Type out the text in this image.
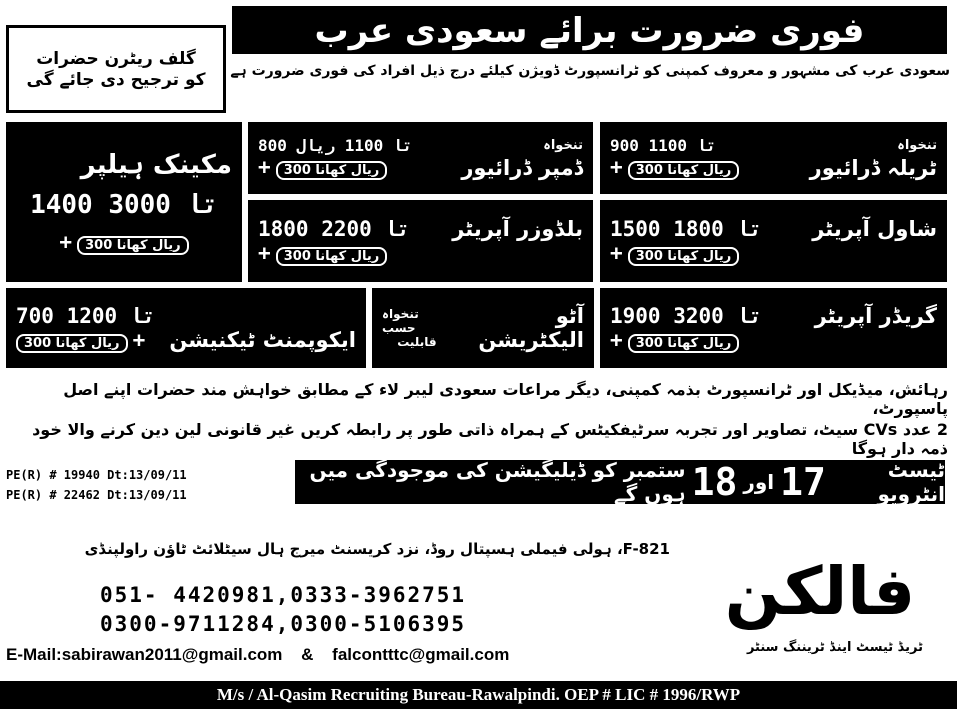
فوری ضرورت برائے سعودی عرب
گلف ریٹرن حضرات
کو ترجیح دی جائے گی سعودی عرب کی مشہور و معروف کمپنی کو ٹرانسپورٹ ڈویژن کیلئے درج ذیل افراد کی فوری ضرورت ہے
900 تا 1100	تنخواہ
+ 300 ریال کھانا	ٹریلہ ڈرائیور
800 تا 1100 ریال	تنخواہ
+ 300 ریال کھانا	ڈمپر ڈرائیور
مکینک ہیلپر
1400 تا 3000
+ 300 ریال کھانا
1500 تا 1800 شاول آپریٹر
+ 300 ریال کھانا
1800 تا 2200 بلڈوزر آپریٹر
+ 300 ریال کھانا
1900 تا 3200	گریڈر آپریٹر
+ 300 ریال کھانا
تنخواہ حسب
قابلیت
آٹو الیکٹریشن
700 تا 1200
300 ریال کھانا + ایکوپمنٹ ٹیکنیشن
رہائش، میڈیکل اور ٹرانسپورٹ بذمہ کمپنی، دیگر مراعات سعودی لیبر لاء کے مطابق خواہش مند حضرات اپنے اصل پاسپورٹ،
2 عدد CVs سیٹ، تصاویر اور تجربہ سرٹیفکیٹس کے ہمراہ ذاتی طور پر رابطہ کریں غیر قانونی لین دین کرنے والا خود ذمہ دار ہوگا
PE(R) # 19940 Dt:13/09/11
PE(R) # 22462 Dt:13/09/11
ٹیسٹ انٹرویو
17
اور
18
ستمبر کو ڈیلیگیشن کی موجودگی میں ہوں گے
F-821، ہولی فیملی ہسپتال روڈ، نزد کریسنٹ میرج ہال سیٹلائٹ ٹاؤن راولپنڈی
051- 4420981,0333-3962751
0300-9711284,0300-5106395
E-Mail:sabirawan2011@gmail.com & falcontttc@gmail.com
فالکن
ٹریڈ ٹیسٹ اینڈ ٹریننگ سنٹر
M/s / Al-Qasim Recruiting Bureau-Rawalpindi. OEP # LIC # 1996/RWP
